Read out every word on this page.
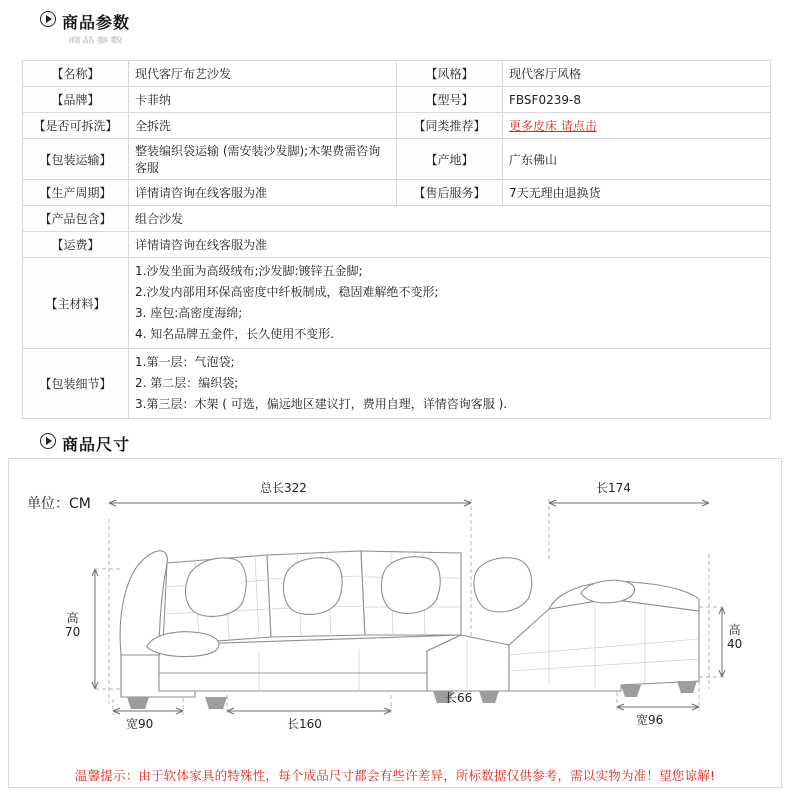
商品参数
商品参数
【名称】	现代客厅布艺沙发	【风格】	现代客厅风格
【品牌】	卡菲纳	【型号】	FBSF0239-8
【是否可拆洗】	全拆洗	【同类推荐】	更多皮床 请点击
【包装运输】	整装编织袋运输 (需安装沙发脚);木架费需咨询客服	【产地】	广东佛山
【生产周期】	详情请咨询在线客服为准	【售后服务】	7天无理由退换货
【产品包含】	组合沙发		
【运费】	详情请咨询在线客服为准		
【主材料】	1.沙发坐面为高级绒布;沙发脚:镀锌五金脚;
2.沙发内部用环保高密度中纤板制成，稳固难解绝不变形;
3. 座包:高密度海绵;
4. 知名品牌五金件，长久使用不变形.		

【包装细节】	1.第一层：气泡袋;
2. 第二层：编织袋;
3.第三层：木架 ( 可选，偏远地区建议打，费用自理，详情咨询客服 ).		
商品尺寸
单位：CM
总长322	长174
高
70	高
40
宽90	长160
长66
宽96
温馨提示：由于软体家具的特殊性，每个成品尺寸都会有些许差异，所标数据仅供参考，需以实物为准！望您谅解!
